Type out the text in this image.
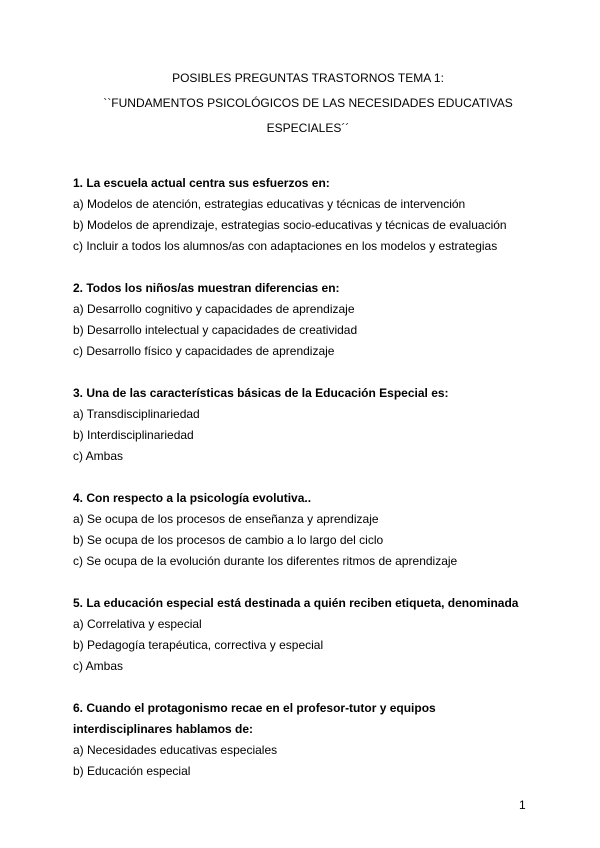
POSIBLES PREGUNTAS TRASTORNOS TEMA 1:
``FUNDAMENTOS PSICOLÓGICOS DE LAS NECESIDADES EDUCATIVAS
ESPECIALES´´
1. La escuela actual centra sus esfuerzos en:
a) Modelos de atención, estrategias educativas y técnicas de intervención
b) Modelos de aprendizaje, estrategias socio-educativas y técnicas de evaluación
c) Incluir a todos los alumnos/as con adaptaciones en los modelos y estrategias
2. Todos los niños/as muestran diferencias en:
a) Desarrollo cognitivo y capacidades de aprendizaje
b) Desarrollo intelectual y capacidades de creatividad
c) Desarrollo físico y capacidades de aprendizaje
3. Una de las características básicas de la Educación Especial es:
a) Transdisciplinariedad
b) Interdisciplinariedad
c) Ambas
4. Con respecto a la psicología evolutiva..
a) Se ocupa de los procesos de enseñanza y aprendizaje
b) Se ocupa de los procesos de cambio a lo largo del ciclo
c) Se ocupa de la evolución durante los diferentes ritmos de aprendizaje
5. La educación especial está destinada a quién reciben etiqueta, denominada
a) Correlativa y especial
b) Pedagogía terapéutica, correctiva y especial
c) Ambas
6. Cuando el protagonismo recae en el profesor-tutor y equipos
interdisciplinares hablamos de:
a) Necesidades educativas especiales
b) Educación especial
1
